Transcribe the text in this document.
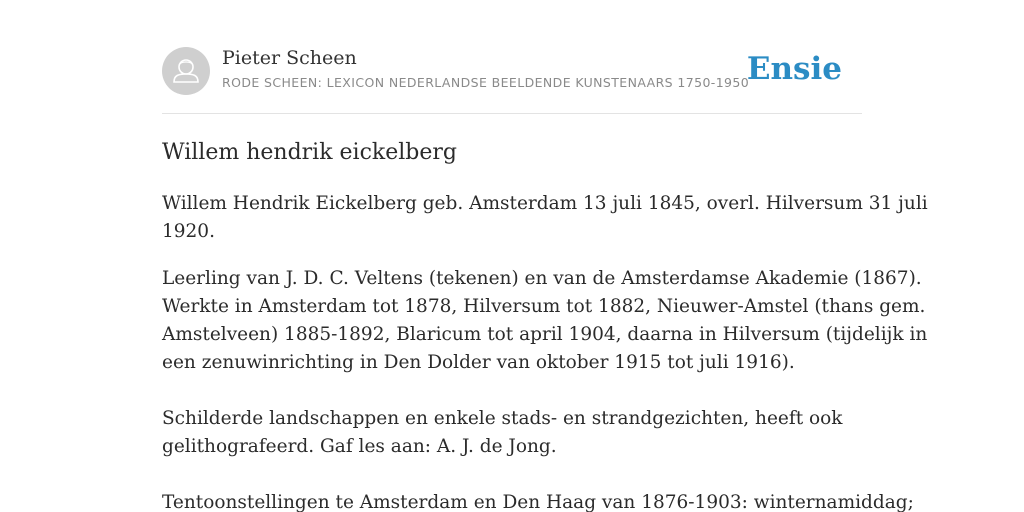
Pieter Scheen
RODE SCHEEN: LEXICON NEDERLANDSE BEELDENDE KUNSTENAARS 1750-1950
Ensie
Willem hendrik eickelberg

Willem Hendrik Eickelberg geb. Amsterdam 13 juli 1845, overl. Hilversum 31 juli
1920.

Leerling van J. D. C. Veltens (tekenen) en van de Amsterdamse Akademie (1867).
Werkte in Amsterdam tot 1878, Hilversum tot 1882, Nieuwer-Amstel (thans gem.
Amstelveen) 1885-1892, Blaricum tot april 1904, daarna in Hilversum (tijdelijk in
een zenuwinrichting in Den Dolder van oktober 1915 tot juli 1916).
Schilderde landschappen en enkele stads- en strandgezichten, heeft ook
gelithografeerd. Gaf les aan: A. J. de Jong.
Tentoonstellingen te Amsterdam en Den Haag van 1876-1903: winternamiddag;
